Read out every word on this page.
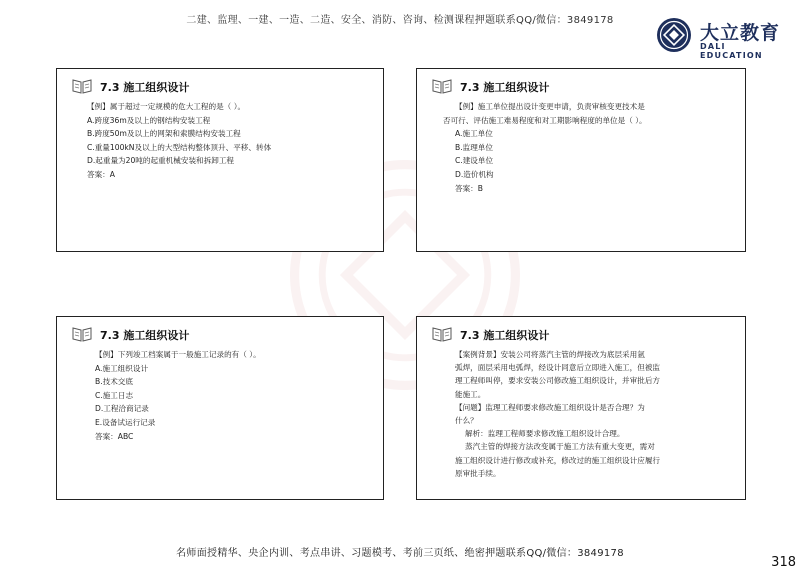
二建、监理、一建、一造、二造、安全、消防、咨询、检测课程押题联系QQ/微信：3849178
大立教育
DALI EDUCATION
7.3 施工组织设计
【例】属于超过一定规模的危大工程的是（ ）。
A.跨度36m及以上的钢结构安装工程
B.跨度50m及以上的网架和索膜结构安装工程
C.重量100kN及以上的大型结构整体顶升、平移、转体
D.起重量为20吨的起重机械安装和拆卸工程
答案：A
7.3 施工组织设计
【例】施工单位提出设计变更申请，负责审核变更技术是
否可行、评估施工难易程度和对工期影响程度的单位是（ ）。
A.施工单位
B.监理单位
C.建设单位
D.造价机构
答案：B
7.3 施工组织设计
【例】下列竣工档案属于一般施工记录的有（ ）。
A.施工组织设计
B.技术交底
C.施工日志
D.工程洽商记录
E.设备试运行记录
答案：ABC
7.3 施工组织设计
【案例背景】安装公司将蒸汽主管的焊接改为底层采用氩
弧焊，面层采用电弧焊，经设计同意后立即进入施工，但被监
理工程师叫停，要求安装公司修改施工组织设计，并审批后方
能施工。
【问题】监理工程师要求修改施工组织设计是否合理？为
什么？
解析：监理工程师要求修改施工组织设计合理。
蒸汽主管的焊接方法改变属于施工方法有重大变更，需对
施工组织设计进行修改或补充，修改过的施工组织设计应履行
原审批手续。
名师面授精华、央企内训、考点串讲、习题模考、考前三页纸、绝密押题联系QQ/微信：3849178
318
